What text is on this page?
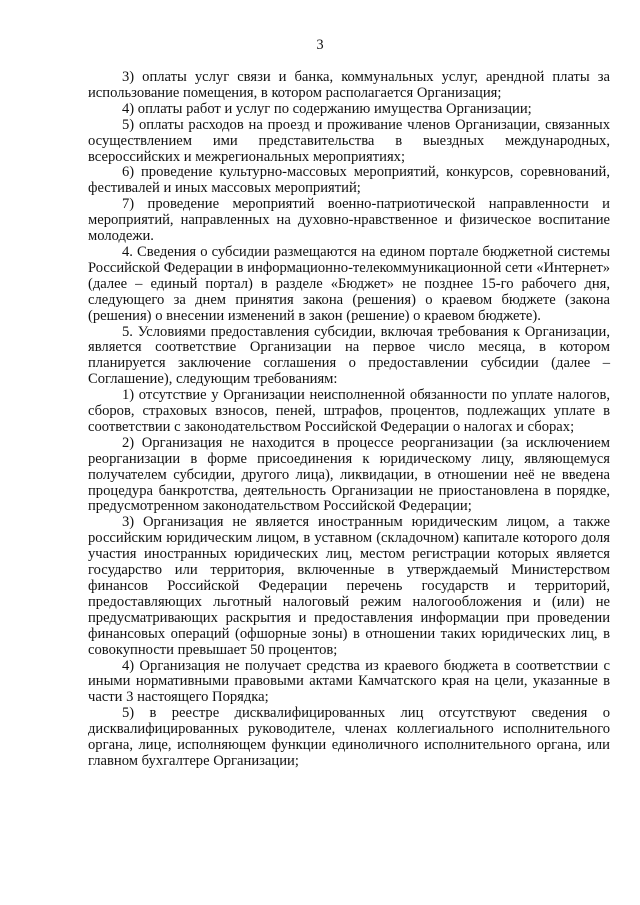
3

3) оплаты услуг связи и банка, коммунальных услуг, арендной платы за использование помещения, в котором располагается Организация;

4) оплаты работ и услуг по содержанию имущества Организации;

5) оплаты расходов на проезд и проживание членов Организации, связанных осуществлением ими представительства в выездных международных, всероссийских и межрегиональных мероприятиях;

6) проведение культурно-массовых мероприятий, конкурсов, соревнований, фестивалей и иных массовых мероприятий;

7) проведение мероприятий военно-патриотической направленности и мероприятий, направленных на духовно-нравственное и физическое воспитание молодежи.

4. Сведения о субсидии размещаются на едином портале бюджетной системы Российской Федерации в информационно-телекоммуникационной сети «Интернет» (далее – единый портал) в разделе «Бюджет» не позднее 15-го рабочего дня, следующего за днем принятия закона (решения) о краевом бюджете (закона (решения) о внесении изменений в закон (решение) о краевом бюджете).

5. Условиями предоставления субсидии, включая требования к Организации, является соответствие Организации на первое число месяца, в котором планируется заключение соглашения о предоставлении субсидии (далее – Соглашение), следующим требованиям:

1) отсутствие у Организации неисполненной обязанности по уплате налогов, сборов, страховых взносов, пеней, штрафов, процентов, подлежащих уплате в соответствии с законодательством Российской Федерации о налогах и сборах;

2) Организация не находится в процессе реорганизации (за исключением реорганизации в форме присоединения к юридическому лицу, являющемуся получателем субсидии, другого лица), ликвидации, в отношении неё не введена процедура банкротства, деятельность Организации не приостановлена в порядке, предусмотренном законодательством Российской Федерации;

3) Организация не является иностранным юридическим лицом, а также российским юридическим лицом, в уставном (складочном) капитале которого доля участия иностранных юридических лиц, местом регистрации которых является государство или территория, включенные в утверждаемый Министерством финансов Российской Федерации перечень государств и территорий, предоставляющих льготный налоговый режим налогообложения и (или) не предусматривающих раскрытия и предоставления информации при проведении финансовых операций (офшорные зоны) в отношении таких юридических лиц, в совокупности превышает 50 процентов;

4) Организация не получает средства из краевого бюджета в соответствии с иными нормативными правовыми актами Камчатского края на цели, указанные в части 3 настоящего Порядка;

5) в реестре дисквалифицированных лиц отсутствуют сведения о дисквалифицированных руководителе, членах коллегиального исполнительного органа, лице, исполняющем функции единоличного исполнительного органа, или главном бухгалтере Организации;
